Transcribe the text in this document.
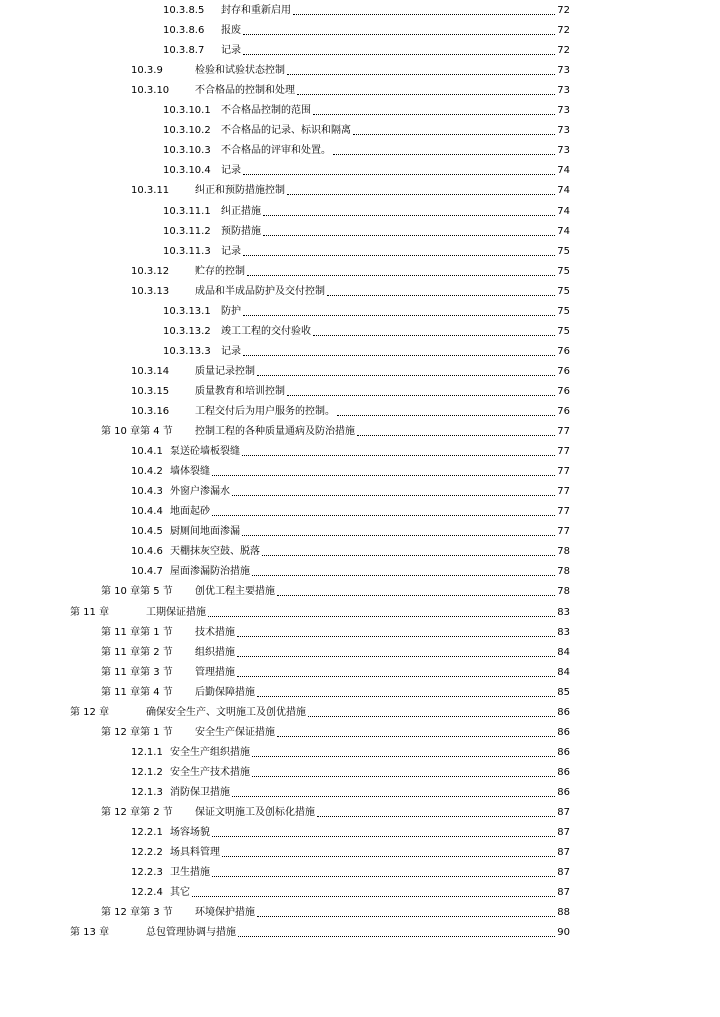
10.3.8.5	封存和重新启用	72
10.3.8.6	报废	72
10.3.8.7	记录	72
10.3.9	检验和试验状态控制	73
10.3.10	不合格品的控制和处理	73
10.3.10.1	不合格品控制的范围	73
10.3.10.2	不合格品的记录、标识和隔离	73
10.3.10.3	不合格品的评审和处置。	73
10.3.10.4	记录	74
10.3.11	纠正和预防措施控制	74
10.3.11.1	纠正措施	74
10.3.11.2	预防措施	74
10.3.11.3	记录	75
10.3.12	贮存的控制	75
10.3.13	成品和半成品防护及交付控制	75
10.3.13.1	防护	75
10.3.13.2	竣工工程的交付验收	75
10.3.13.3	记录	76
10.3.14	质量记录控制	76
10.3.15	质量教育和培训控制	76
10.3.16	工程交付后为用户服务的控制。	76
第 10 章第 4 节	控制工程的各种质量通病及防治措施	77
10.4.1 泵送砼墙板裂缝	77
10.4.2 墙体裂缝	77
10.4.3 外窗户渗漏水	77
10.4.4 地面起砂	77
10.4.5 厨厕间地面渗漏	77
10.4.6 天棚抹灰空鼓、脱落	78
10.4.7 屋面渗漏防治措施	78
第 10 章第 5 节	创优工程主要措施	78
第 11 章	工期保证措施	83
第 11 章第 1 节	技术措施	83
第 11 章第 2 节	组织措施	84
第 11 章第 3 节	管理措施	84
第 11 章第 4 节	后勤保障措施	85
第 12 章	确保安全生产、文明施工及创优措施	86
第 12 章第 1 节	安全生产保证措施	86
12.1.1 安全生产组织措施	86
12.1.2 安全生产技术措施	86
12.1.3 消防保卫措施	86
第 12 章第 2 节	保证文明施工及创标化措施	87
12.2.1 场容场貌	87
12.2.2 场具料管理	87
12.2.3 卫生措施	87
12.2.4 其它	87
第 12 章第 3 节	环境保护措施	88
第 13 章	总包管理协调与措施	90
